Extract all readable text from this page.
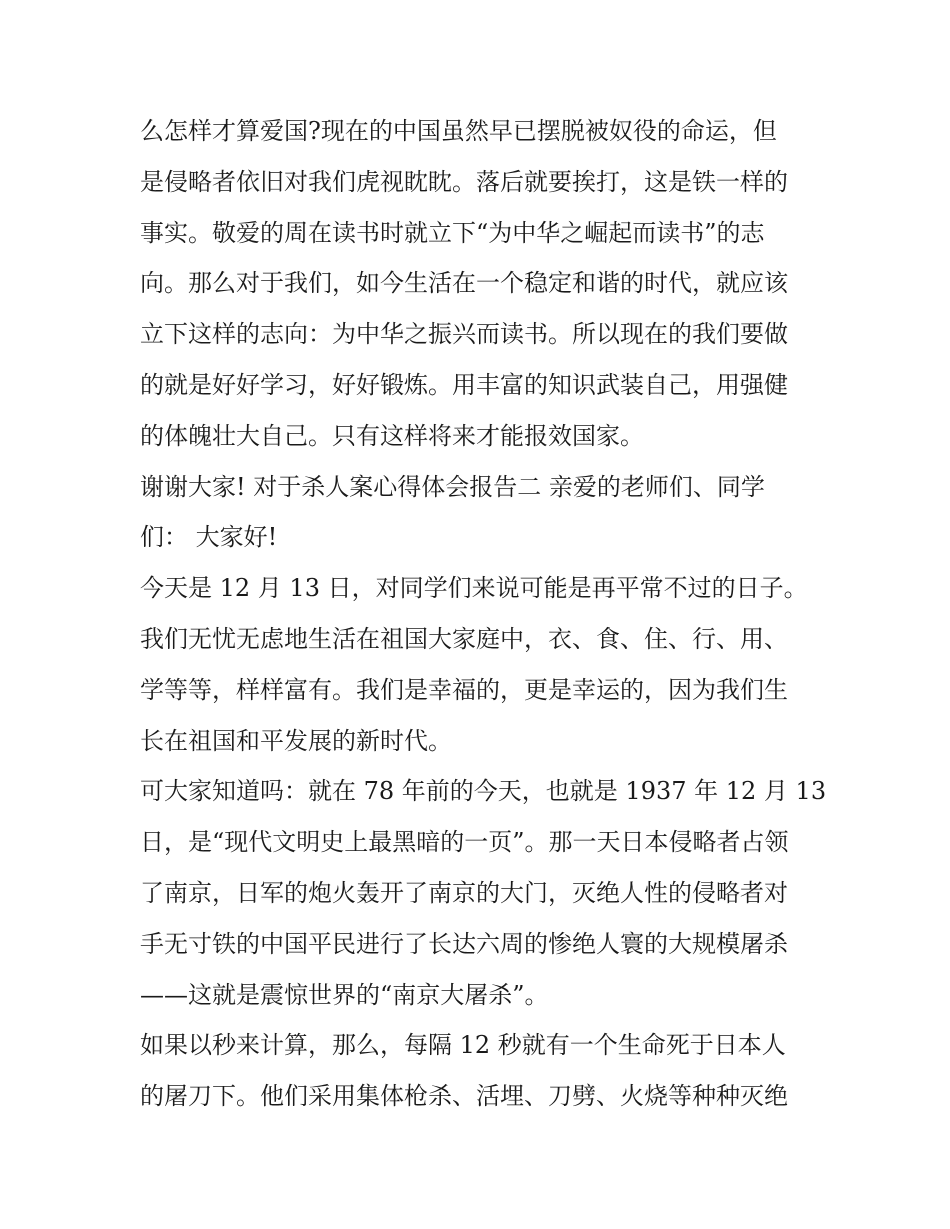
么怎样才算爱国?现在的中国虽然早已摆脱被奴役的命运，但
是侵略者依旧对我们虎视眈眈。落后就要挨打，这是铁一样的
事实。敬爱的周在读书时就立下“为中华之崛起而读书”的志
向。那么对于我们，如今生活在一个稳定和谐的时代，就应该
立下这样的志向：为中华之振兴而读书。所以现在的我们要做
的就是好好学习，好好锻炼。用丰富的知识武装自己，用强健
的体魄壮大自己。只有这样将来才能报效国家。
谢谢大家! 对于杀人案心得体会报告二 亲爱的老师们、同学
们： 大家好!
今天是 12 月 13 日，对同学们来说可能是再平常不过的日子。
我们无忧无虑地生活在祖国大家庭中，衣、食、住、行、用、
学等等，样样富有。我们是幸福的，更是幸运的，因为我们生
长在祖国和平发展的新时代。
可大家知道吗：就在 78 年前的今天，也就是 1937 年 12 月 13
日，是“现代文明史上最黑暗的一页”。那一天日本侵略者占领
了南京，日军的炮火轰开了南京的大门，灭绝人性的侵略者对
手无寸铁的中国平民进行了长达六周的惨绝人寰的大规模屠杀
——这就是震惊世界的“南京大屠杀”。
如果以秒来计算，那么，每隔 12 秒就有一个生命死于日本人
的屠刀下。他们采用集体枪杀、活埋、刀劈、火烧等种种灭绝
